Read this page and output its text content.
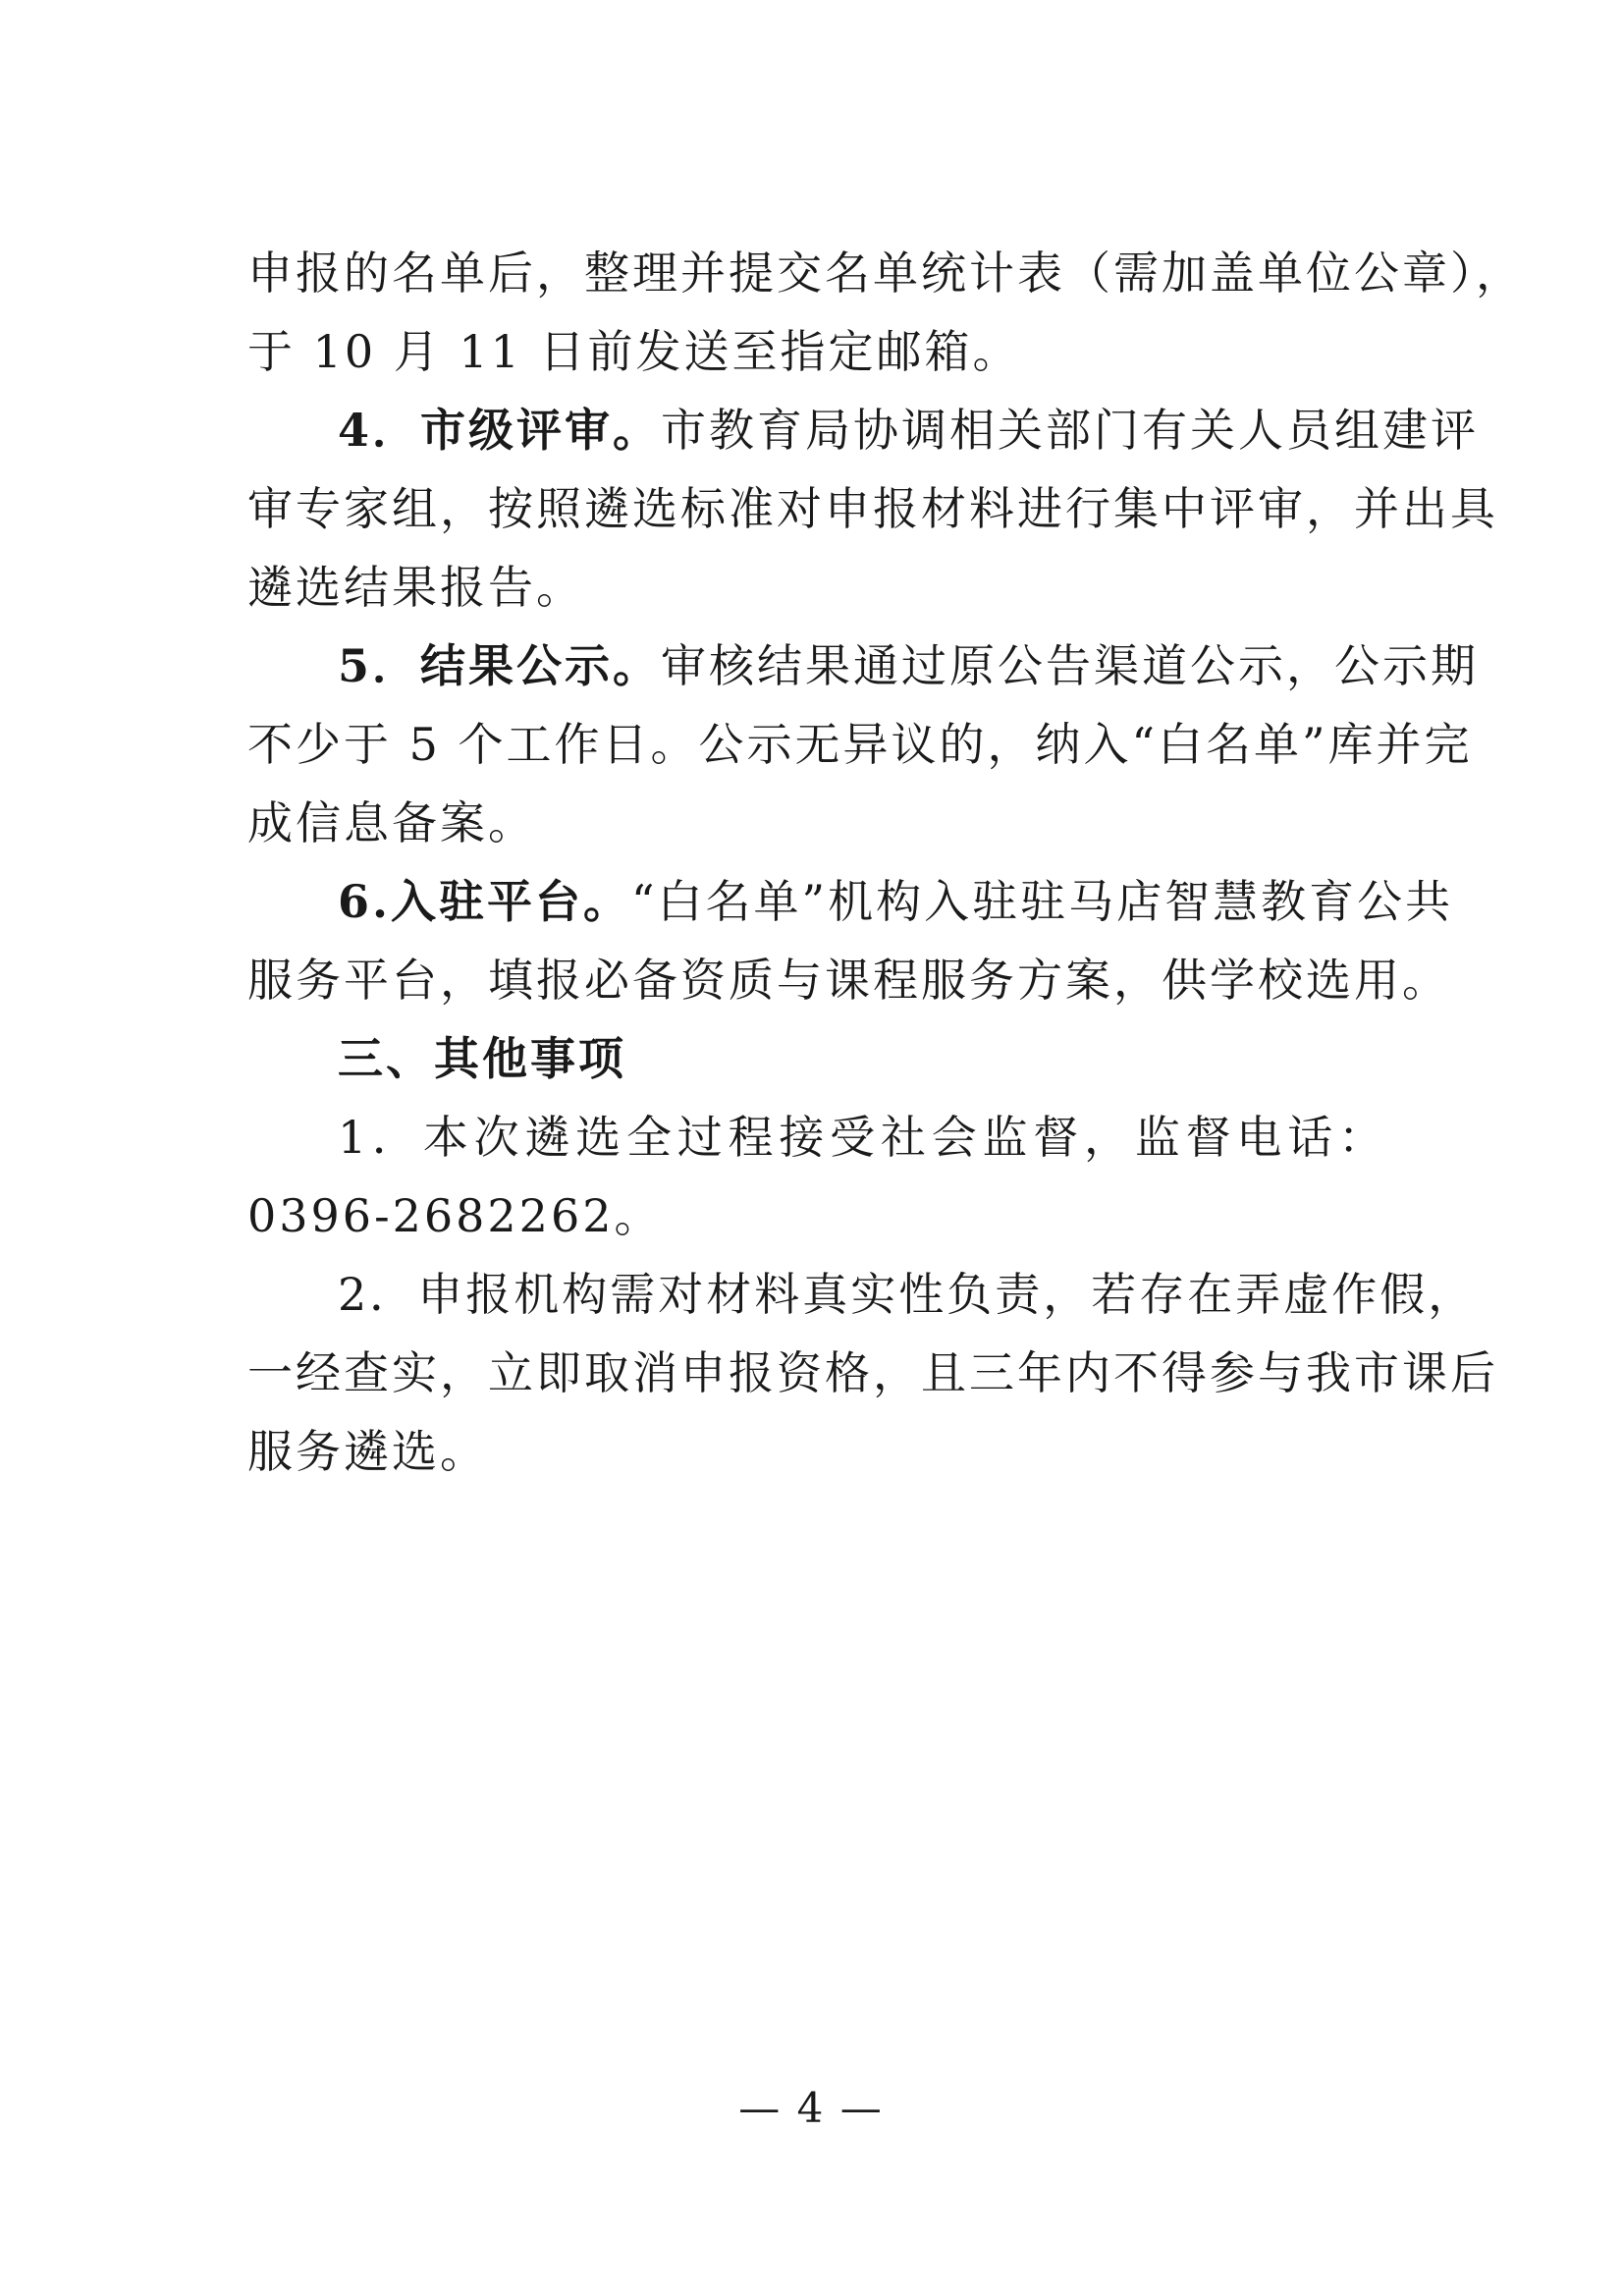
申报的名单后，整理并提交名单统计表（需加盖单位公章），
于 10 月 11 日前发送至指定邮箱。

4．市级评审。市教育局协调相关部门有关人员组建评
审专家组，按照遴选标准对申报材料进行集中评审，并出具
遴选结果报告。

5．结果公示。审核结果通过原公告渠道公示，公示期
不少于 5 个工作日。公示无异议的，纳入“白名单”库并完
成信息备案。

6.入驻平台。“白名单”机构入驻驻马店智慧教育公共
服务平台，填报必备资质与课程服务方案，供学校选用。

三、其他事项

1．本次遴选全过程接受社会监督，监督电话：
0396-2682262。

2．申报机构需对材料真实性负责，若存在弄虚作假，
一经查实，立即取消申报资格，且三年内不得参与我市课后
服务遴选。

— 4 —
